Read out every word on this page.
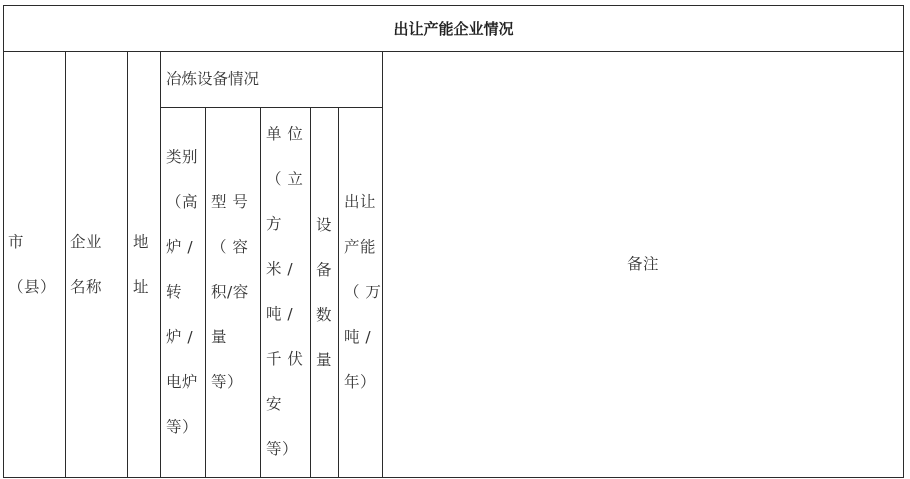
出让产能企业情况
市
（县）
企业
名称
地
址
冶炼设备情况
类别
（高
炉 /
转
炉 /
电炉
等）
型 号
（ 容
积/容
量
等）
单 位
（ 立
方
米 /
吨 /
千 伏
安
等）
设
备
数
量
出让
产能
（ 万
吨 /
年）
备注
